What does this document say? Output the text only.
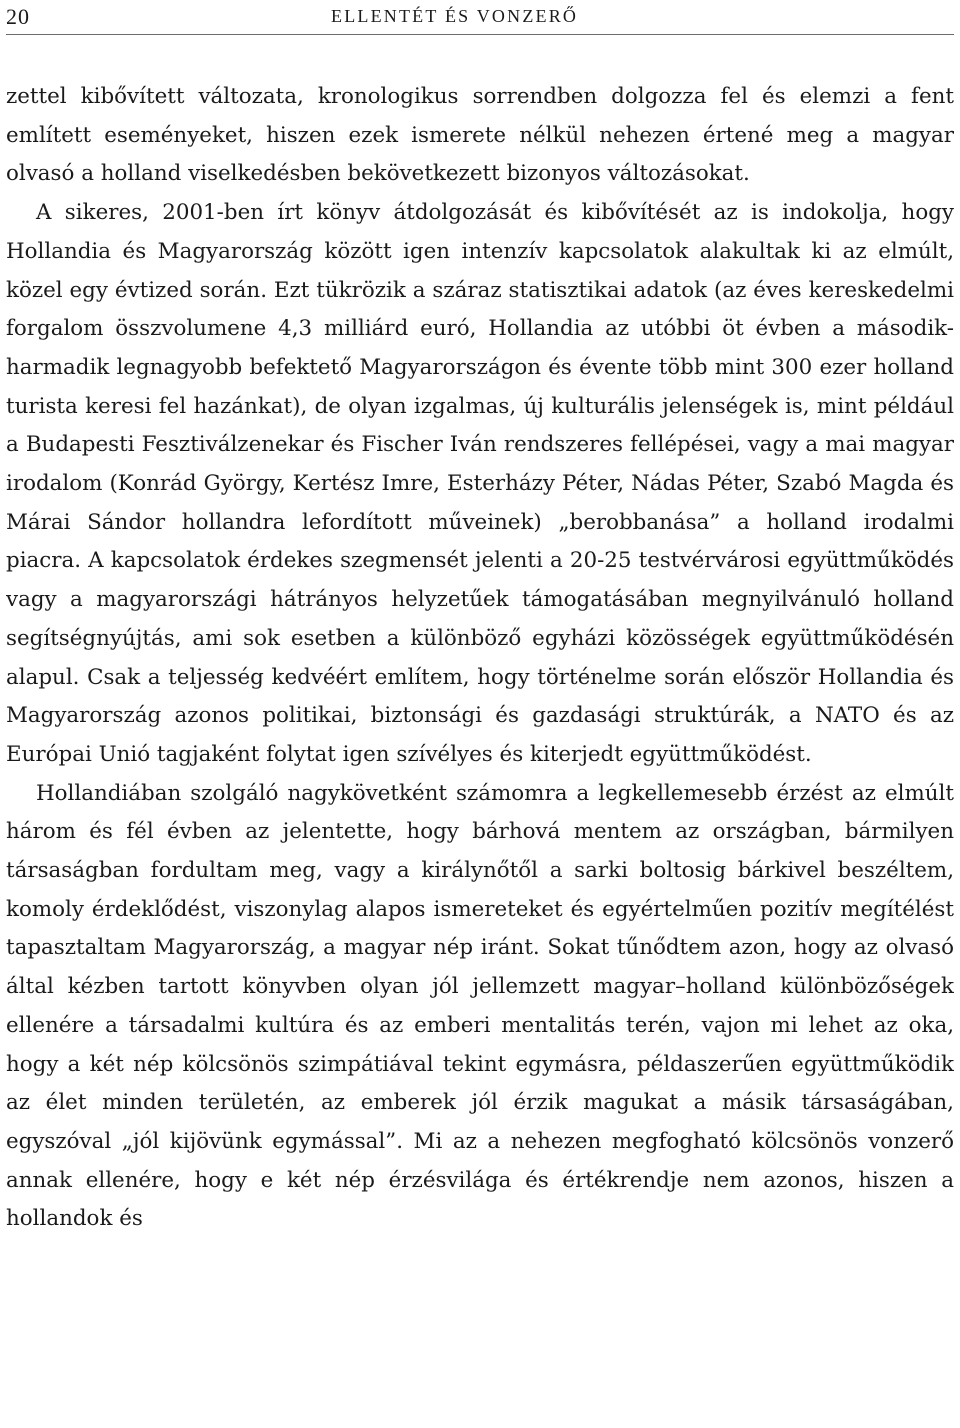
20	ELLENTÉT ÉS VONZERŐ

zettel kibővített változata, kronologikus sorrendben dolgozza fel és elemzi a fent említett eseményeket, hiszen ezek ismerete nélkül nehezen értené meg a magyar olvasó a holland viselkedésben bekövetkezett bizonyos változásokat.

A sikeres, 2001-ben írt könyv átdolgozását és kibővítését az is indokolja, hogy Hollandia és Magyarország között igen intenzív kapcsolatok alakultak ki az elmúlt, közel egy évtized során. Ezt tükrözik a száraz statisztikai adatok (az éves kereskedelmi forgalom összvolumene 4,3 milliárd euró, Hollandia az utóbbi öt évben a második-harmadik legnagyobb befektető Magyarországon és évente több mint 300 ezer holland turista keresi fel hazánkat), de olyan izgalmas, új kulturális jelenségek is, mint például a Budapesti Fesztiválzenekar és Fischer Iván rendszeres fellépései, vagy a mai magyar irodalom (Konrád György, Kertész Imre, Esterházy Péter, Nádas Péter, Szabó Magda és Márai Sándor hollandra lefordított műveinek) „berobbanása” a holland irodalmi piacra. A kapcsolatok érdekes szegmensét jelenti a 20-25 testvérvárosi együttműködés vagy a magyarországi hátrányos helyzetűek támogatásában megnyilvánuló holland segítségnyújtás, ami sok esetben a különböző egyházi közösségek együttműködésén alapul. Csak a teljesség kedvéért említem, hogy történelme során először Hollandia és Magyarország azonos politikai, biztonsági és gazdasági struktúrák, a NATO és az Európai Unió tagjaként folytat igen szívélyes és kiterjedt együttműködést.

Hollandiában szolgáló nagykövetként számomra a legkellemesebb érzést az elmúlt három és fél évben az jelentette, hogy bárhová mentem az országban, bármilyen társaságban fordultam meg, vagy a királynőtől a sarki boltosig bárkivel beszéltem, komoly érdeklődést, viszonylag alapos ismereteket és egyértelműen pozitív megítélést tapasztaltam Magyarország, a magyar nép iránt. Sokat tűnődtem azon, hogy az olvasó által kézben tartott könyvben olyan jól jellemzett magyar–holland különbözőségek ellenére a társadalmi kultúra és az emberi mentalitás terén, vajon mi lehet az oka, hogy a két nép kölcsönös szimpátiával tekint egymásra, példaszerűen együttműködik az élet minden területén, az emberek jól érzik magukat a másik társaságában, egyszóval „jól kijövünk egymással”. Mi az a nehezen megfogható kölcsönös vonzerő annak ellenére, hogy e két nép érzésvilága és értékrendje nem azonos, hiszen a hollandok és
